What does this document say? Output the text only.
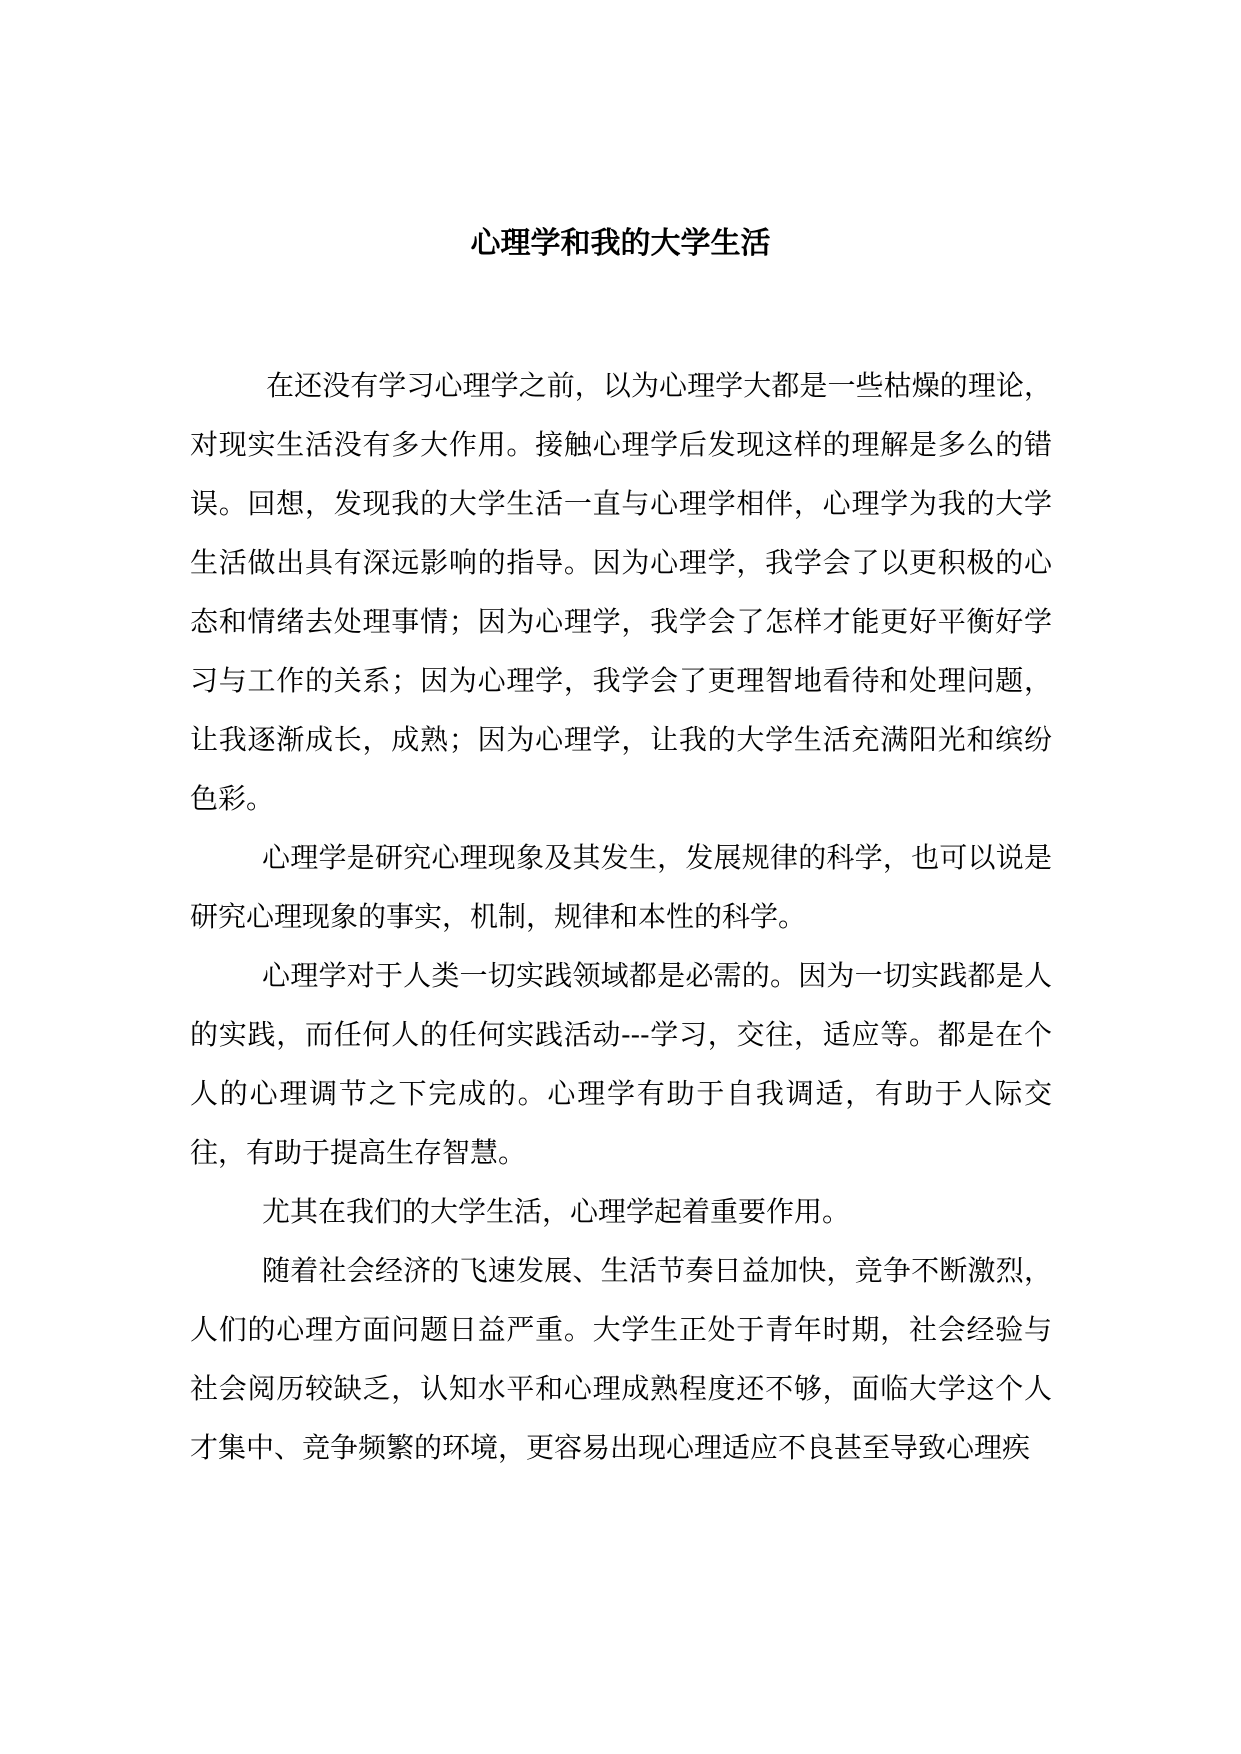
心理学和我的大学生活

在还没有学习心理学之前，以为心理学大都是一些枯燥的理论，对现实生活没有多大作用。接触心理学后发现这样的理解是多么的错误。回想，发现我的大学生活一直与心理学相伴，心理学为我的大学生活做出具有深远影响的指导。因为心理学，我学会了以更积极的心态和情绪去处理事情；因为心理学，我学会了怎样才能更好平衡好学习与工作的关系；因为心理学，我学会了更理智地看待和处理问题，让我逐渐成长，成熟；因为心理学，让我的大学生活充满阳光和缤纷色彩。

心理学是研究心理现象及其发生，发展规律的科学，也可以说是研究心理现象的事实，机制，规律和本性的科学。

心理学对于人类一切实践领域都是必需的。因为一切实践都是人的实践，而任何人的任何实践活动---学习，交往，适应等。都是在个人的心理调节之下完成的。心理学有助于自我调适，有助于人际交往，有助于提高生存智慧。

尤其在我们的大学生活，心理学起着重要作用。

随着社会经济的飞速发展、生活节奏日益加快，竞争不断激烈，人们的心理方面问题日益严重。大学生正处于青年时期，社会经验与社会阅历较缺乏，认知水平和心理成熟程度还不够，面临大学这个人才集中、竞争频繁的环境，更容易出现心理适应不良甚至导致心理疾
